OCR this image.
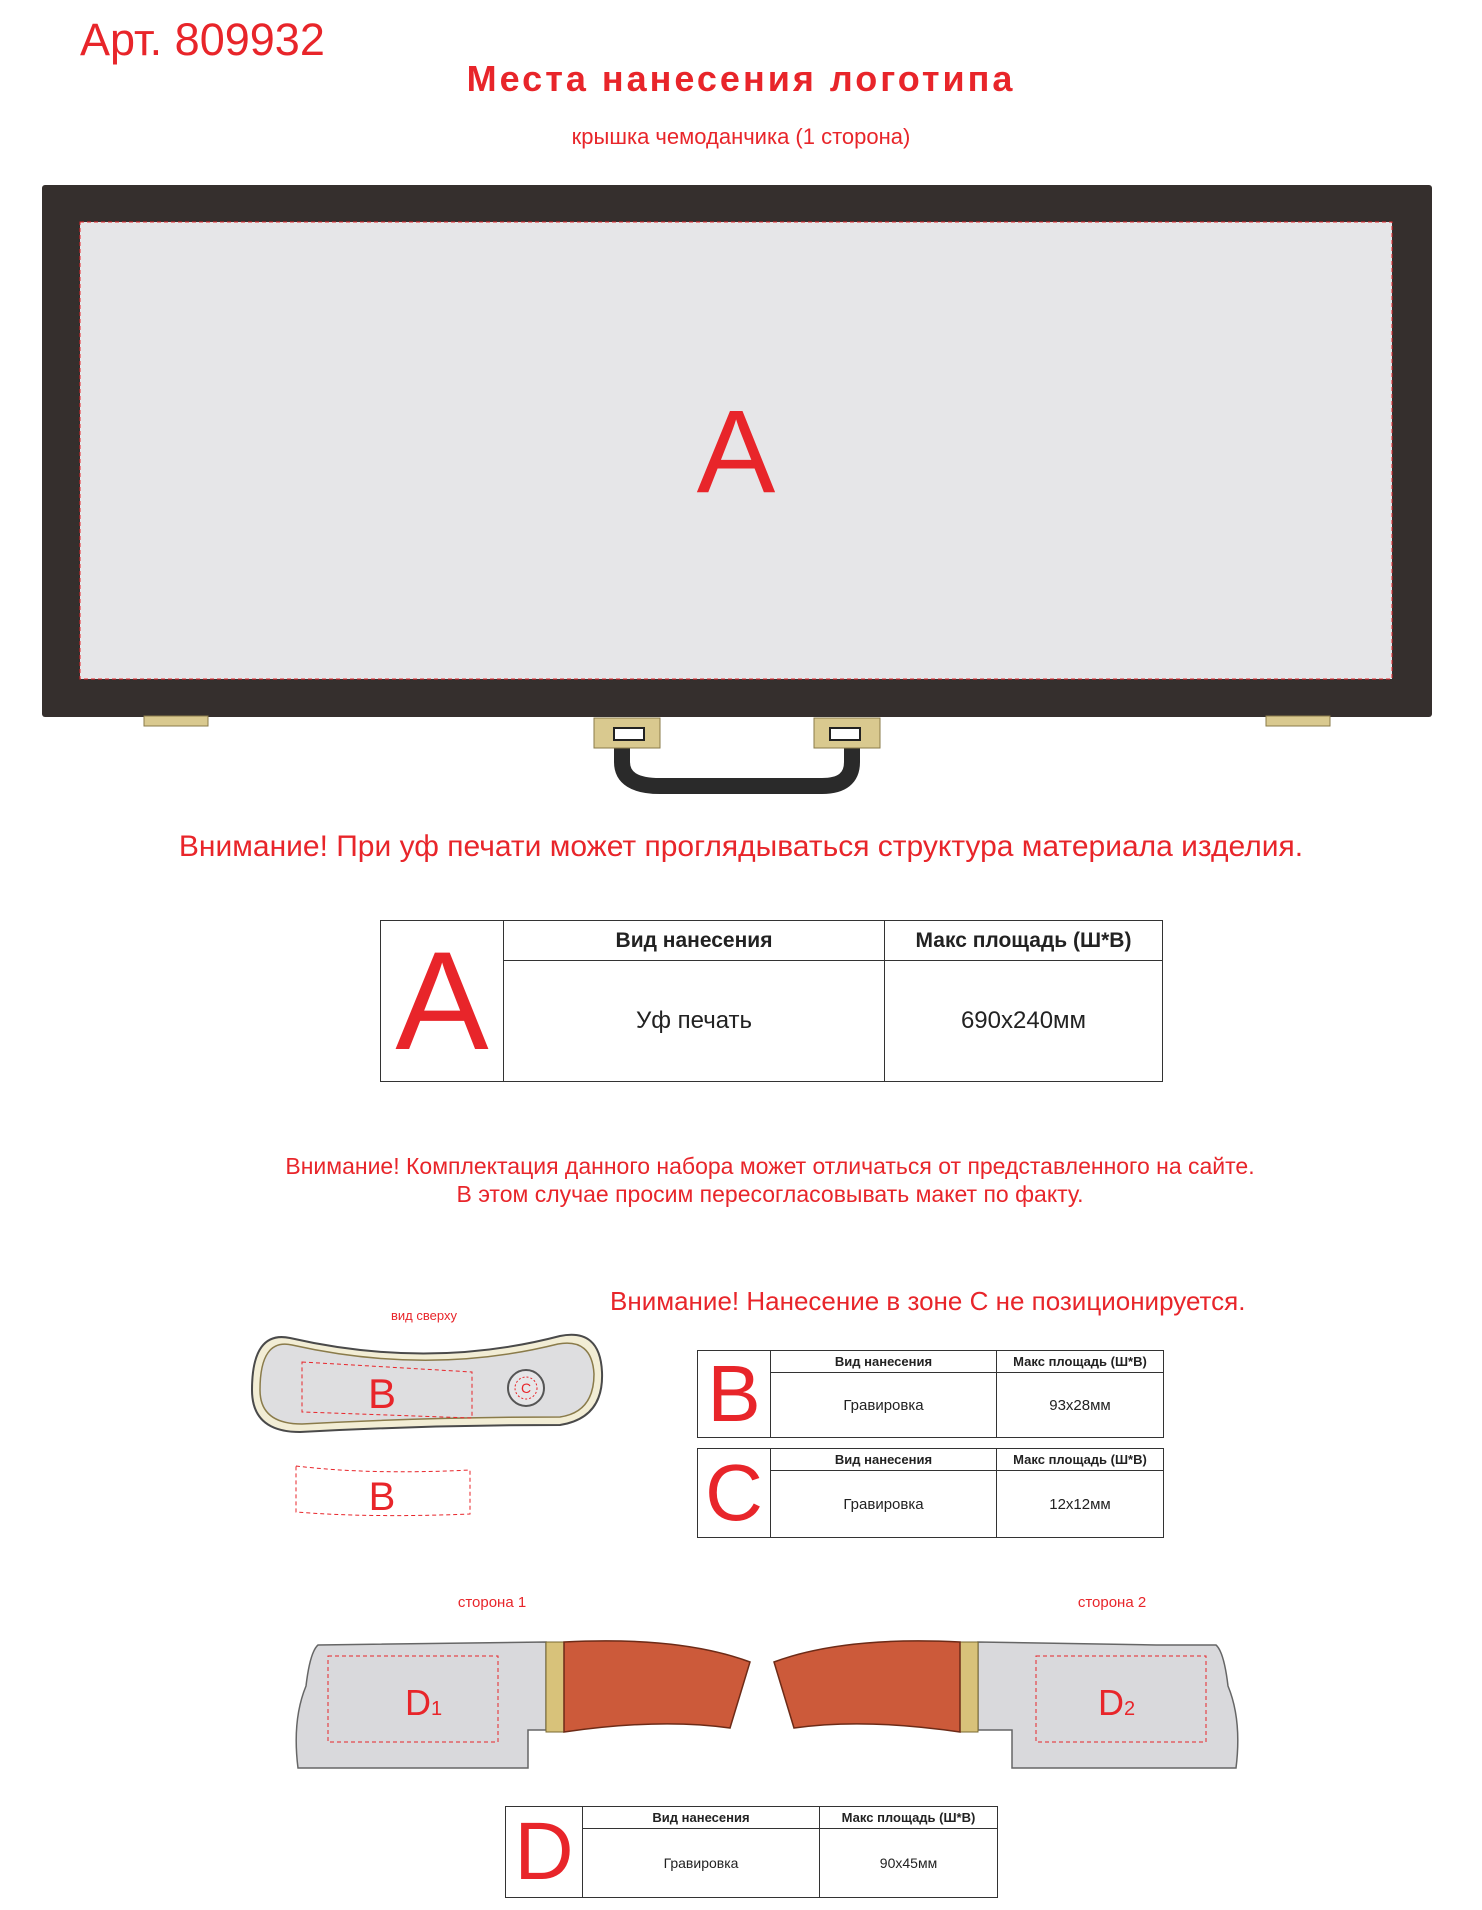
Арт. 809932
Места нанесения логотипа
крышка чемоданчика (1 сторона)
A
Внимание! При уф печати может проглядываться структура материала изделия.
A	Вид нанесения	Макс площадь (Ш*В)
	Уф печать	690x240мм
Внимание! Комплектация данного набора может отличаться от представленного на сайте.
В этом случае просим пересогласовывать макет по факту.
Внимание! Нанесение в зоне С не позиционируется.
вид сверху
B	C
B
B	Вид нанесения	Макс площадь (Ш*В)
	Гравировка	93x28мм
C	Вид нанесения	Макс площадь (Ш*В)
	Гравировка	12x12мм
сторона 1	сторона 2
D1	D2
D	Вид нанесения	Макс площадь (Ш*В)
	Гравировка	90x45мм
